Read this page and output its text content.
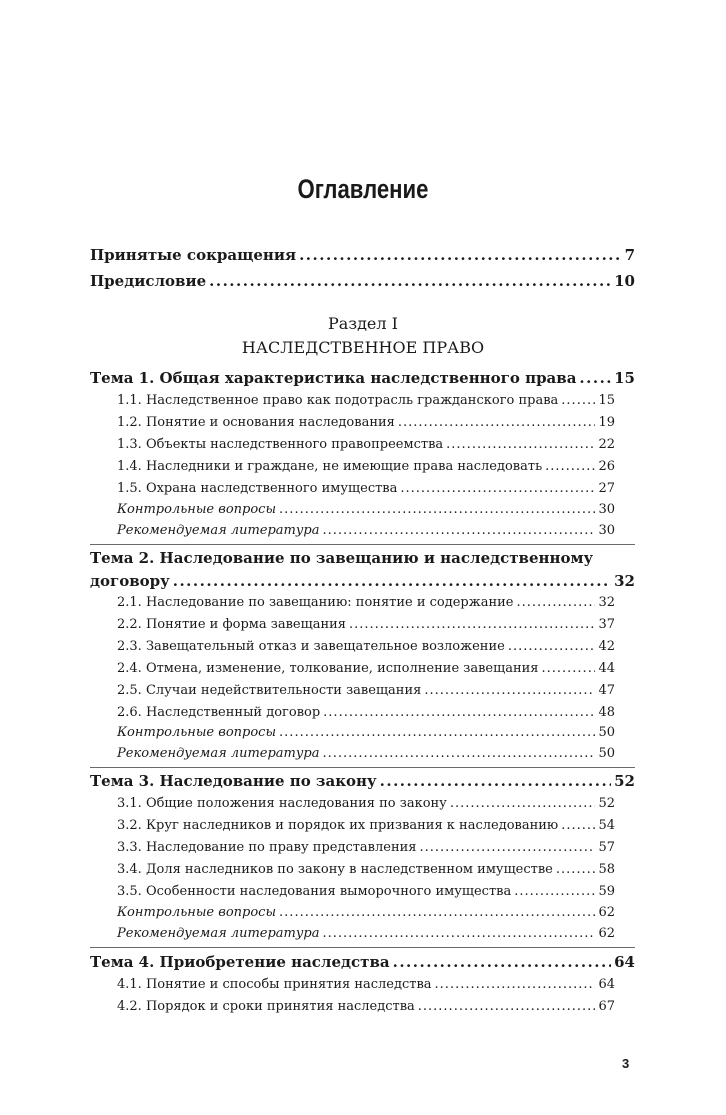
Оглавление
Принятые сокращения .....	7
Предисловие .....	10
Раздел I
НАСЛЕДСТВЕННОЕ ПРАВО
Тема 1. Общая характеристика наследственного права .....	15
1.1. Наследственное право как подотрасль гражданского права .....	15
1.2. Понятие и основания наследования .....	19
1.3. Объекты наследственного правопреемства .....	22
1.4. Наследники и граждане, не имеющие права наследовать .....	26
1.5. Охрана наследственного имущества .....	27
Контрольные вопросы .....	30
Рекомендуемая литература .....	30
Тема 2. Наследование по завещанию и наследственному
договору .....	32
2.1. Наследование по завещанию: понятие и содержание .....	32
2.2. Понятие и форма завещания .....	37
2.3. Завещательный отказ и завещательное возложение .....	42
2.4. Отмена, изменение, толкование, исполнение завещания .....	44
2.5. Случаи недействительности завещания .....	47
2.6. Наследственный договор .....	48
Контрольные вопросы .....	50
Рекомендуемая литература .....	50
Тема 3. Наследование по закону .....	52
3.1. Общие положения наследования по закону .....	52
3.2. Круг наследников и порядок их призвания к наследованию .....	54
3.3. Наследование по праву представления .....	57
3.4. Доля наследников по закону в наследственном имуществе .....	58
3.5. Особенности наследования выморочного имущества .....	59
Контрольные вопросы .....	62
Рекомендуемая литература .....	62
Тема 4. Приобретение наследства .....	64
4.1. Понятие и способы принятия наследства .....	64
4.2. Порядок и сроки принятия наследства .....	67
3
